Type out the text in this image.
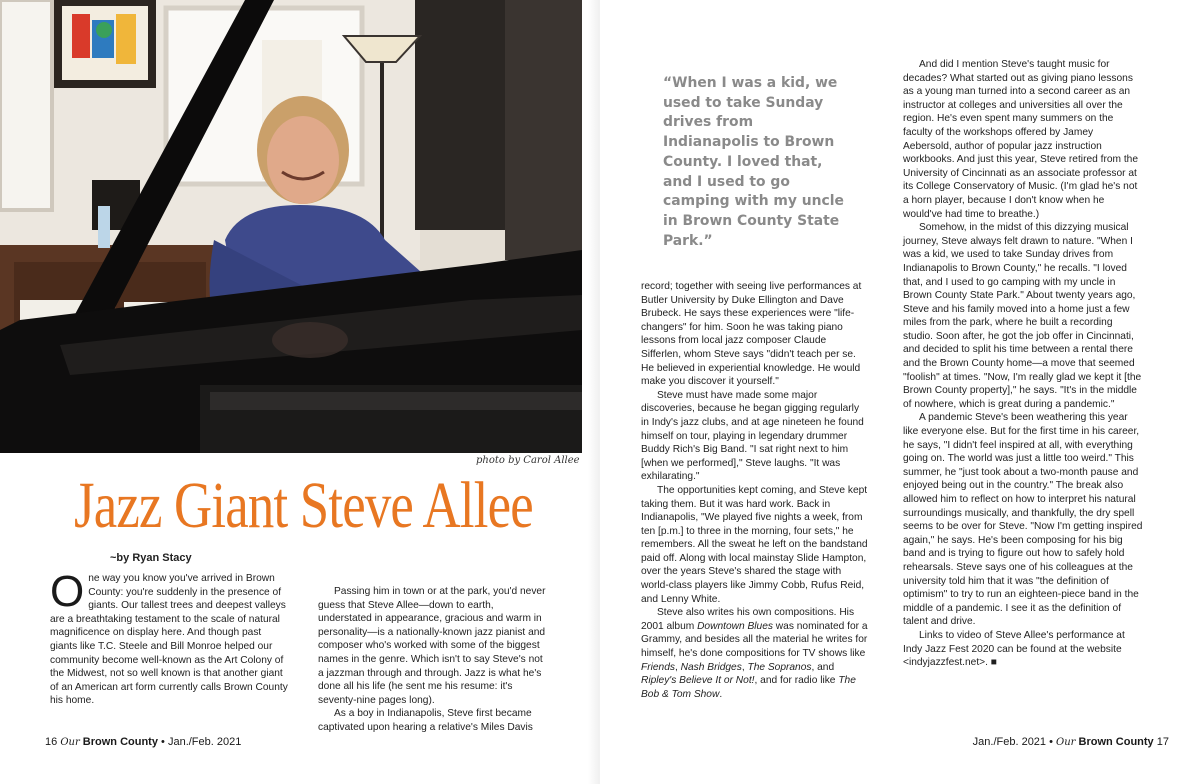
photo by Carol Allee
Jazz Giant Steve Allee
~by Ryan Stacy

One way you know you've arrived in Brown County: you're suddenly in the presence of giants. Our tallest trees and deepest valleys are a breathtaking testament to the scale of natural magnificence on display here. And though past giants like T.C. Steele and Bill Monroe helped our community become well-known as the Art Colony of the Midwest, not so well known is that another giant of an American art form currently calls Brown County his home.

Passing him in town or at the park, you'd never guess that Steve Allee—down to earth, understated in appearance, gracious and warm in personality—is a nationally-known jazz pianist and composer who's worked with some of the biggest names in the genre. Which isn't to say Steve's not a jazzman through and through. Jazz is what he's done all his life (he sent me his resume: it's seventy-nine pages long).

As a boy in Indianapolis, Steve first became captivated upon hearing a relative's Miles Davis

16 Our Brown County • Jan./Feb. 2021

“When I was a kid, we used to take Sunday drives from Indianapolis to Brown County. I loved that, and I used to go camping with my uncle in Brown County State Park.”

record; together with seeing live performances at Butler University by Duke Ellington and Dave Brubeck. He says these experiences were "life-changers" for him. Soon he was taking piano lessons from local jazz composer Claude Sifferlen, whom Steve says "didn't teach per se. He believed in experiential knowledge. He would make you discover it yourself."

Steve must have made some major discoveries, because he began gigging regularly in Indy's jazz clubs, and at age nineteen he found himself on tour, playing in legendary drummer Buddy Rich's Big Band. "I sat right next to him [when we performed]," Steve laughs. "It was exhilarating."

The opportunities kept coming, and Steve kept taking them. But it was hard work. Back in Indianapolis, "We played five nights a week, from ten [p.m.] to three in the morning, four sets," he remembers. All the sweat he left on the bandstand paid off. Along with local mainstay Slide Hampton, over the years Steve's shared the stage with world-class players like Jimmy Cobb, Rufus Reid, and Lenny White.

Steve also writes his own compositions. His 2001 album Downtown Blues was nominated for a Grammy, and besides all the material he writes for himself, he's done compositions for TV shows like Friends, Nash Bridges, The Sopranos, and Ripley's Believe It or Not!, and for radio like The Bob & Tom Show.

And did I mention Steve's taught music for decades? What started out as giving piano lessons as a young man turned into a second career as an instructor at colleges and universities all over the region. He's even spent many summers on the faculty of the workshops offered by Jamey Aebersold, author of popular jazz instruction workbooks. And just this year, Steve retired from the University of Cincinnati as an associate professor at its College Conservatory of Music. (I'm glad he's not a horn player, because I don't know when he would've had time to breathe.)

Somehow, in the midst of this dizzying musical journey, Steve always felt drawn to nature. "When I was a kid, we used to take Sunday drives from Indianapolis to Brown County," he recalls. "I loved that, and I used to go camping with my uncle in Brown County State Park." About twenty years ago, Steve and his family moved into a home just a few miles from the park, where he built a recording studio. Soon after, he got the job offer in Cincinnati, and decided to split his time between a rental there and the Brown County home—a move that seemed "foolish" at times. "Now, I'm really glad we kept it [the Brown County property]," he says. "It's in the middle of nowhere, which is great during a pandemic."

A pandemic Steve's been weathering this year like everyone else. But for the first time in his career, he says, "I didn't feel inspired at all, with everything going on. The world was just a little too weird." This summer, he "just took about a two-month pause and enjoyed being out in the country." The break also allowed him to reflect on how to interpret his natural surroundings musically, and thankfully, the dry spell seems to be over for Steve. "Now I'm getting inspired again," he says. He's been composing for his big band and is trying to figure out how to safely hold rehearsals. Steve says one of his colleagues at the university told him that it was "the definition of optimism" to try to run an eighteen-piece band in the middle of a pandemic. I see it as the definition of talent and drive.

Links to video of Steve Allee's performance at Indy Jazz Fest 2020 can be found at the website <indyjazzfest.net>. ■

Jan./Feb. 2021 • Our Brown County 17
